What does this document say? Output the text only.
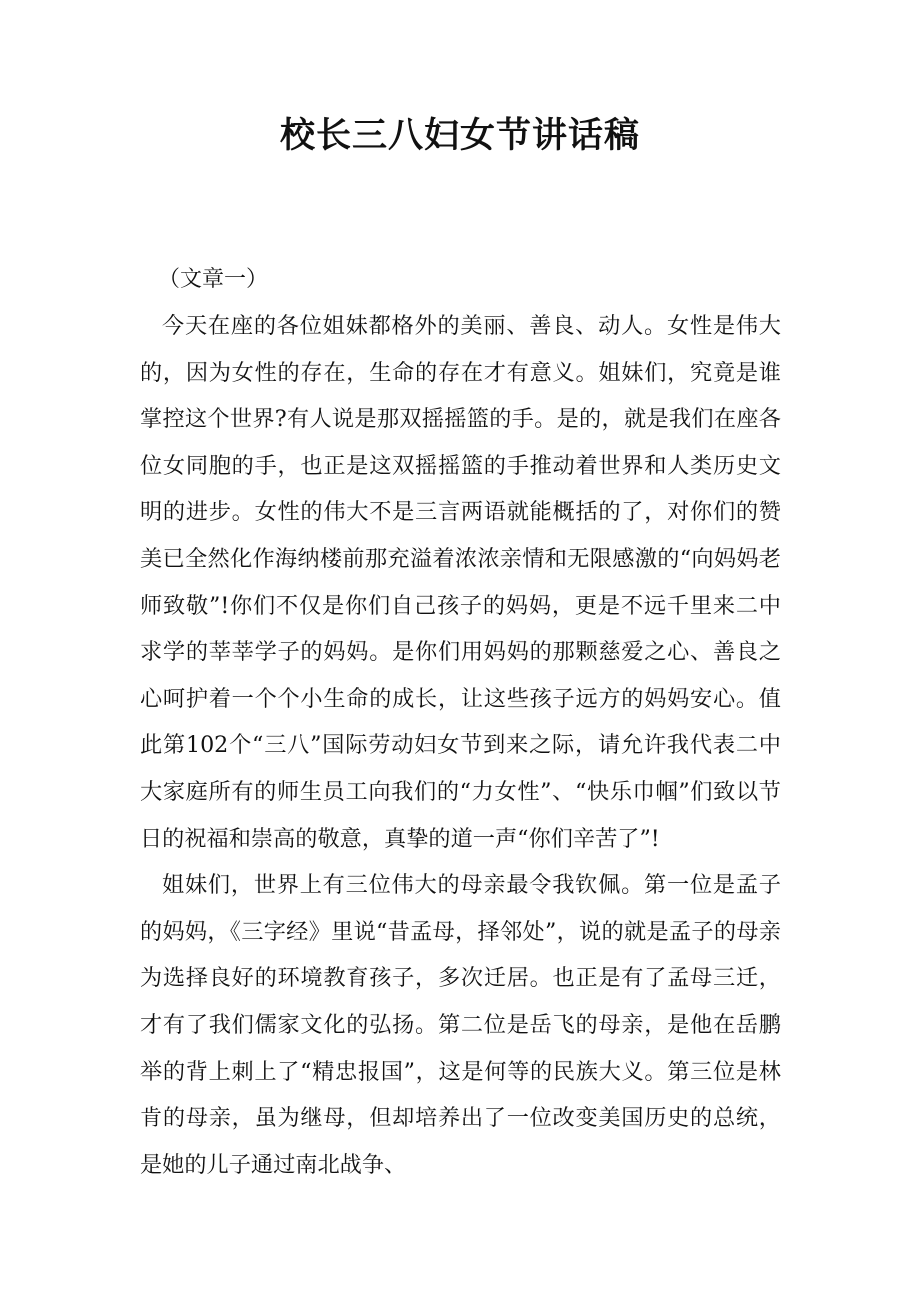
校长三八妇女节讲话稿

（文章一）

今天在座的各位姐妹都格外的美丽、善良、动人。女性是伟大的，因为女性的存在，生命的存在才有意义。姐妹们，究竟是谁掌控这个世界?有人说是那双摇摇篮的手。是的，就是我们在座各位女同胞的手，也正是这双摇摇篮的手推动着世界和人类历史文明的进步。女性的伟大不是三言两语就能概括的了，对你们的赞美已全然化作海纳楼前那充溢着浓浓亲情和无限感激的“向妈妈老师致敬”!你们不仅是你们自己孩子的妈妈，更是不远千里来二中求学的莘莘学子的妈妈。是你们用妈妈的那颗慈爱之心、善良之心呵护着一个个小生命的成长，让这些孩子远方的妈妈安心。值此第102个“三八”国际劳动妇女节到来之际，请允许我代表二中大家庭所有的师生员工向我们的“力女性”、“快乐巾帼”们致以节日的祝福和崇高的敬意，真挚的道一声“你们辛苦了”!

姐妹们，世界上有三位伟大的母亲最令我钦佩。第一位是孟子的妈妈，《三字经》里说“昔孟母，择邻处”，说的就是孟子的母亲为选择良好的环境教育孩子，多次迁居。也正是有了孟母三迁，才有了我们儒家文化的弘扬。第二位是岳飞的母亲，是他在岳鹏举的背上刺上了“精忠报国”，这是何等的民族大义。第三位是林肯的母亲，虽为继母，但却培养出了一位改变美国历史的总统，是她的儿子通过南北战争、
